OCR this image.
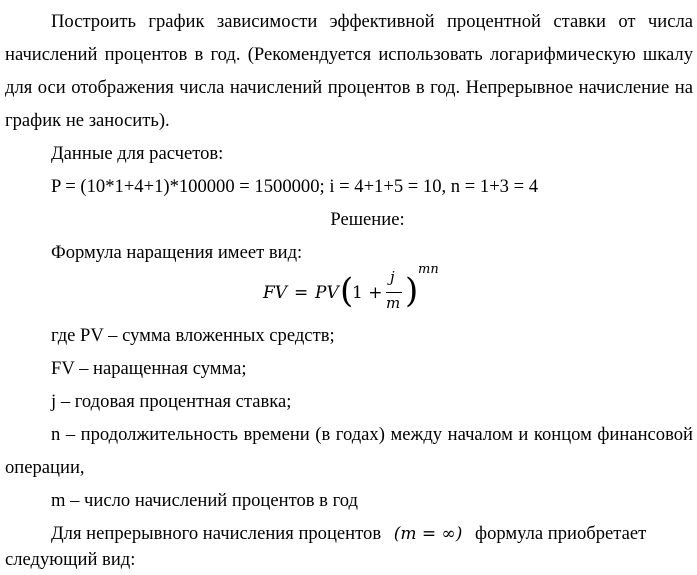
Построить график зависимости эффективной процентной ставки от числа
начислений процентов в год. (Рекомендуется использовать логарифмическую шкалу
для оси отображения числа начислений процентов в год. Непрерывное начисление на
график не заносить).
Данные для расчетов:
P = (10*1+4+1)*100000 = 1500000; i = 4+1+5 = 10, n = 1+3 = 4
Решение:
Формула наращения имеет вид:
FV = PV (
1 +
j
m )
mn
где PV – сумма вложенных средств;
FV – наращенная сумма;
j – годовая процентная ставка;
n – продолжительность времени (в годах) между началом и концом финансовой
операции,
m – число начислений процентов в год
Для непрерывного начисления процентов (m = ∞) формула приобретает
следующий вид:
